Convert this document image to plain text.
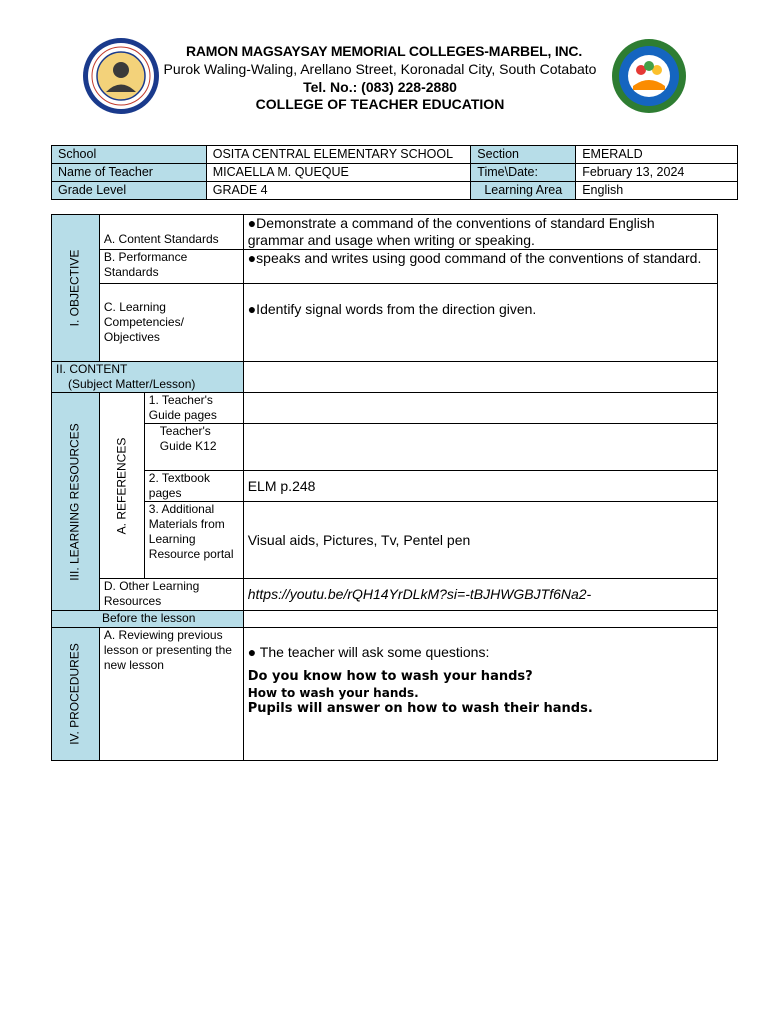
RAMON MAGSAYSAY MEMORIAL COLLEGES-MARBEL, INC.
Purok Waling-Waling, Arellano Street, Koronadal City, South Cotabato
Tel. No.: (083) 228-2880
COLLEGE OF TEACHER EDUCATION
School	OSITA CENTRAL ELEMENTARY SCHOOL	Section	EMERALD
Name of Teacher	MICAELLA M. QUEQUE	Time\Date:	February 13, 2024
Grade Level	GRADE 4	Learning Area	English
I. OBJECTIVE	A. Content Standards		●Demonstrate a command of the conventions of standard English grammar and usage when writing or speaking.
	B. Performance Standards		●speaks and writes using good command of the conventions of standard.
	C. Learning Competencies/ Objectives		●Identify signal words from the direction given.

II. CONTENT
(Subject Matter/Lesson)			

III. LEARNING RESOURCES	A. REFERENCES	1. Teacher's Guide pages	
		Teacher's Guide K12	
		2. Textbook pages	ELM p.248
		3. Additional Materials from Learning Resource portal	Visual aids, Pictures, Tv, Pentel pen
	D. Other Learning Resources		https://youtu.be/rQH14YrDLkM?si=-tBJHWGBJTf6Na2-
Before the lesson			

IV. PROCEDURES	A. Reviewing previous lesson or presenting the new lesson		● The teacher will ask some questions:
Do you know how to wash your hands?
How to wash your hands.
Pupils will answer on how to wash their hands.
